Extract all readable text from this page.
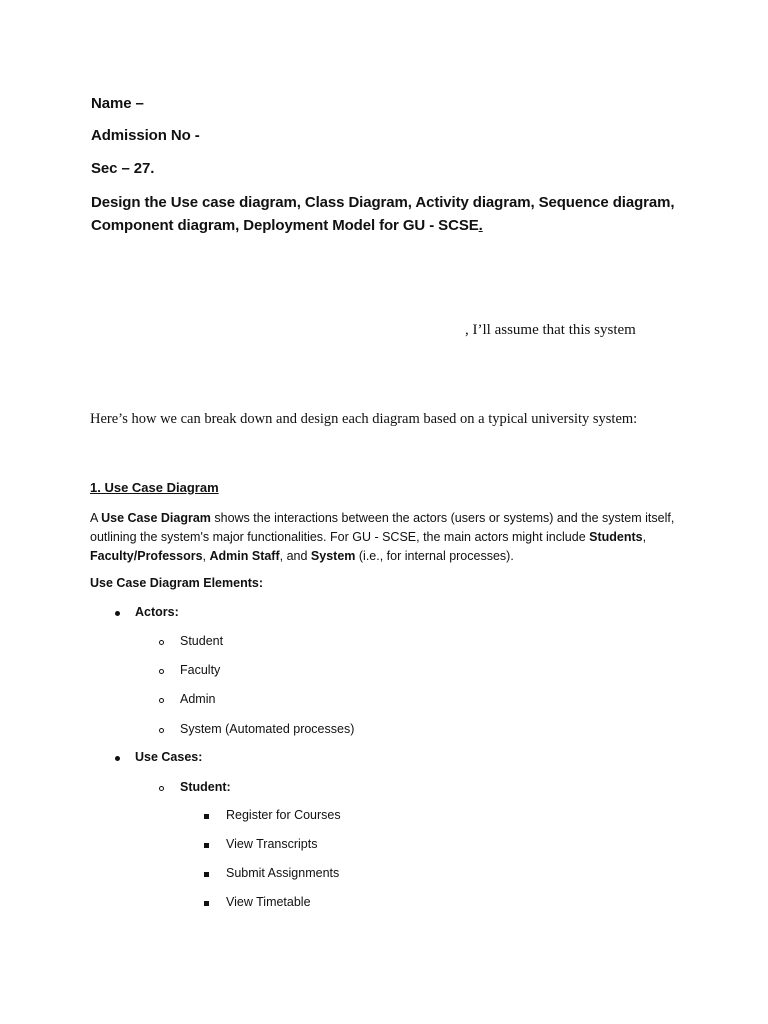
Name –
Admission No -
Sec – 27.
Design the Use case diagram, Class Diagram, Activity diagram, Sequence diagram,
Component diagram, Deployment Model for GU - SCSE.
, I’ll assume that this system
Here’s how we can break down and design each diagram based on a typical university system:
1. Use Case Diagram
A Use Case Diagram shows the interactions between the actors (users or systems) and the system itself,
outlining the system's major functionalities. For GU - SCSE, the main actors might include Students,
Faculty/Professors, Admin Staff, and System (i.e., for internal processes).
Use Case Diagram Elements:
Actors:
Student
Faculty
Admin
System (Automated processes)
Use Cases:
Student:
Register for Courses
View Transcripts
Submit Assignments
View Timetable
